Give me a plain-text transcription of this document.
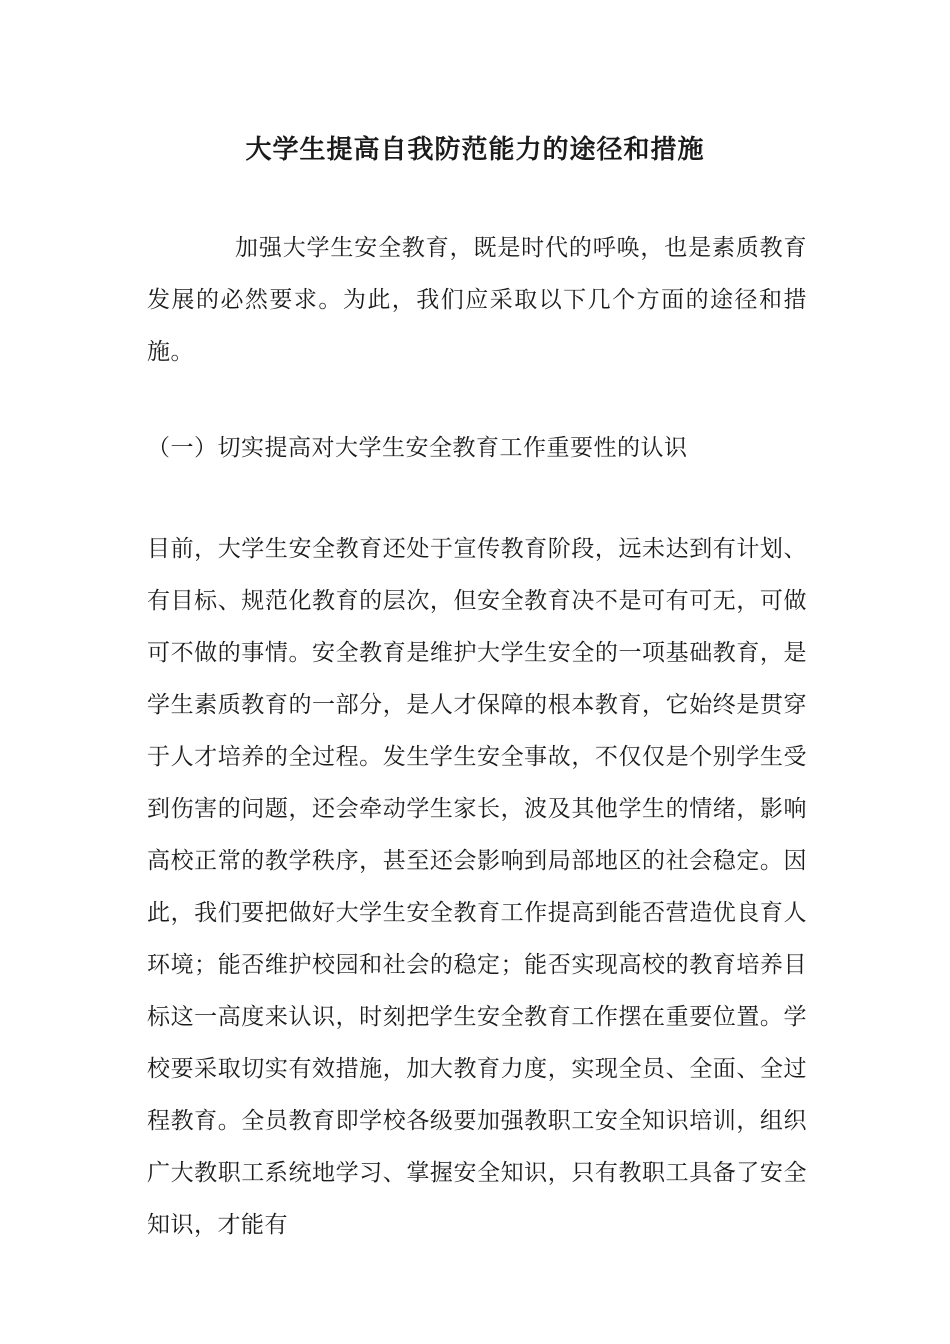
大学生提高自我防范能力的途径和措施

加强大学生安全教育，既是时代的呼唤，也是素质教育发展的必然要求。为此，我们应采取以下几个方面的途径和措施。

（一）切实提高对大学生安全教育工作重要性的认识

目前，大学生安全教育还处于宣传教育阶段，远未达到有计划、有目标、规范化教育的层次，但安全教育决不是可有可无，可做可不做的事情。安全教育是维护大学生安全的一项基础教育，是学生素质教育的一部分，是人才保障的根本教育，它始终是贯穿于人才培养的全过程。发生学生安全事故，不仅仅是个别学生受到伤害的问题，还会牵动学生家长，波及其他学生的情绪，影响高校正常的教学秩序，甚至还会影响到局部地区的社会稳定。因此，我们要把做好大学生安全教育工作提高到能否营造优良育人环境；能否维护校园和社会的稳定；能否实现高校的教育培养目标这一高度来认识，时刻把学生安全教育工作摆在重要位置。学校要采取切实有效措施，加大教育力度，实现全员、全面、全过程教育。全员教育即学校各级要加强教职工安全知识培训，组织广大教职工系统地学习、掌握安全知识，只有教职工具备了安全知识，才能有
